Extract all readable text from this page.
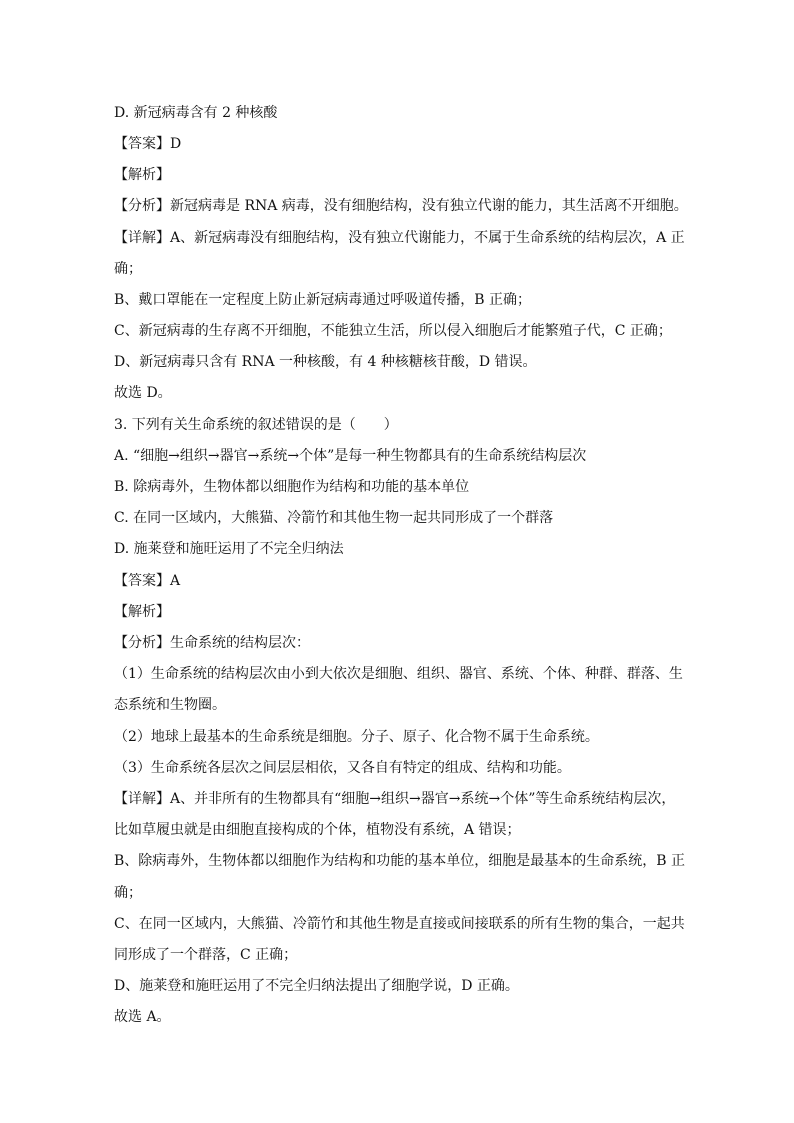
D. 新冠病毒含有 2 种核酸
【答案】D
【解析】
【分析】新冠病毒是 RNA 病毒，没有细胞结构，没有独立代谢的能力，其生活离不开细胞。
【详解】A、新冠病毒没有细胞结构，没有独立代谢能力，不属于生命系统的结构层次，A 正
确；
B、戴口罩能在一定程度上防止新冠病毒通过呼吸道传播，B 正确；
C、新冠病毒的生存离不开细胞，不能独立生活，所以侵入细胞后才能繁殖子代，C 正确；
D、新冠病毒只含有 RNA 一种核酸，有 4 种核糖核苷酸，D 错误。
故选 D。
3. 下列有关生命系统的叙述错误的是（　　）
A. “细胞→组织→器官→系统→个体”是每一种生物都具有的生命系统结构层次
B. 除病毒外，生物体都以细胞作为结构和功能的基本单位
C. 在同一区域内，大熊猫、冷箭竹和其他生物一起共同形成了一个群落
D. 施莱登和施旺运用了不完全归纳法
【答案】A
【解析】
【分析】生命系统的结构层次：
（1）生命系统的结构层次由小到大依次是细胞、组织、器官、系统、个体、种群、群落、生
态系统和生物圈。
（2）地球上最基本的生命系统是细胞。分子、原子、化合物不属于生命系统。
（3）生命系统各层次之间层层相依，又各自有特定的组成、结构和功能。
【详解】A、并非所有的生物都具有“细胞→组织→器官→系统→个体”等生命系统结构层次，
比如草履虫就是由细胞直接构成的个体，植物没有系统，A 错误；
B、除病毒外，生物体都以细胞作为结构和功能的基本单位，细胞是最基本的生命系统，B 正
确；
C、在同一区域内，大熊猫、冷箭竹和其他生物是直接或间接联系的所有生物的集合，一起共
同形成了一个群落，C 正确；
D、施莱登和施旺运用了不完全归纳法提出了细胞学说，D 正确。
故选 A。
